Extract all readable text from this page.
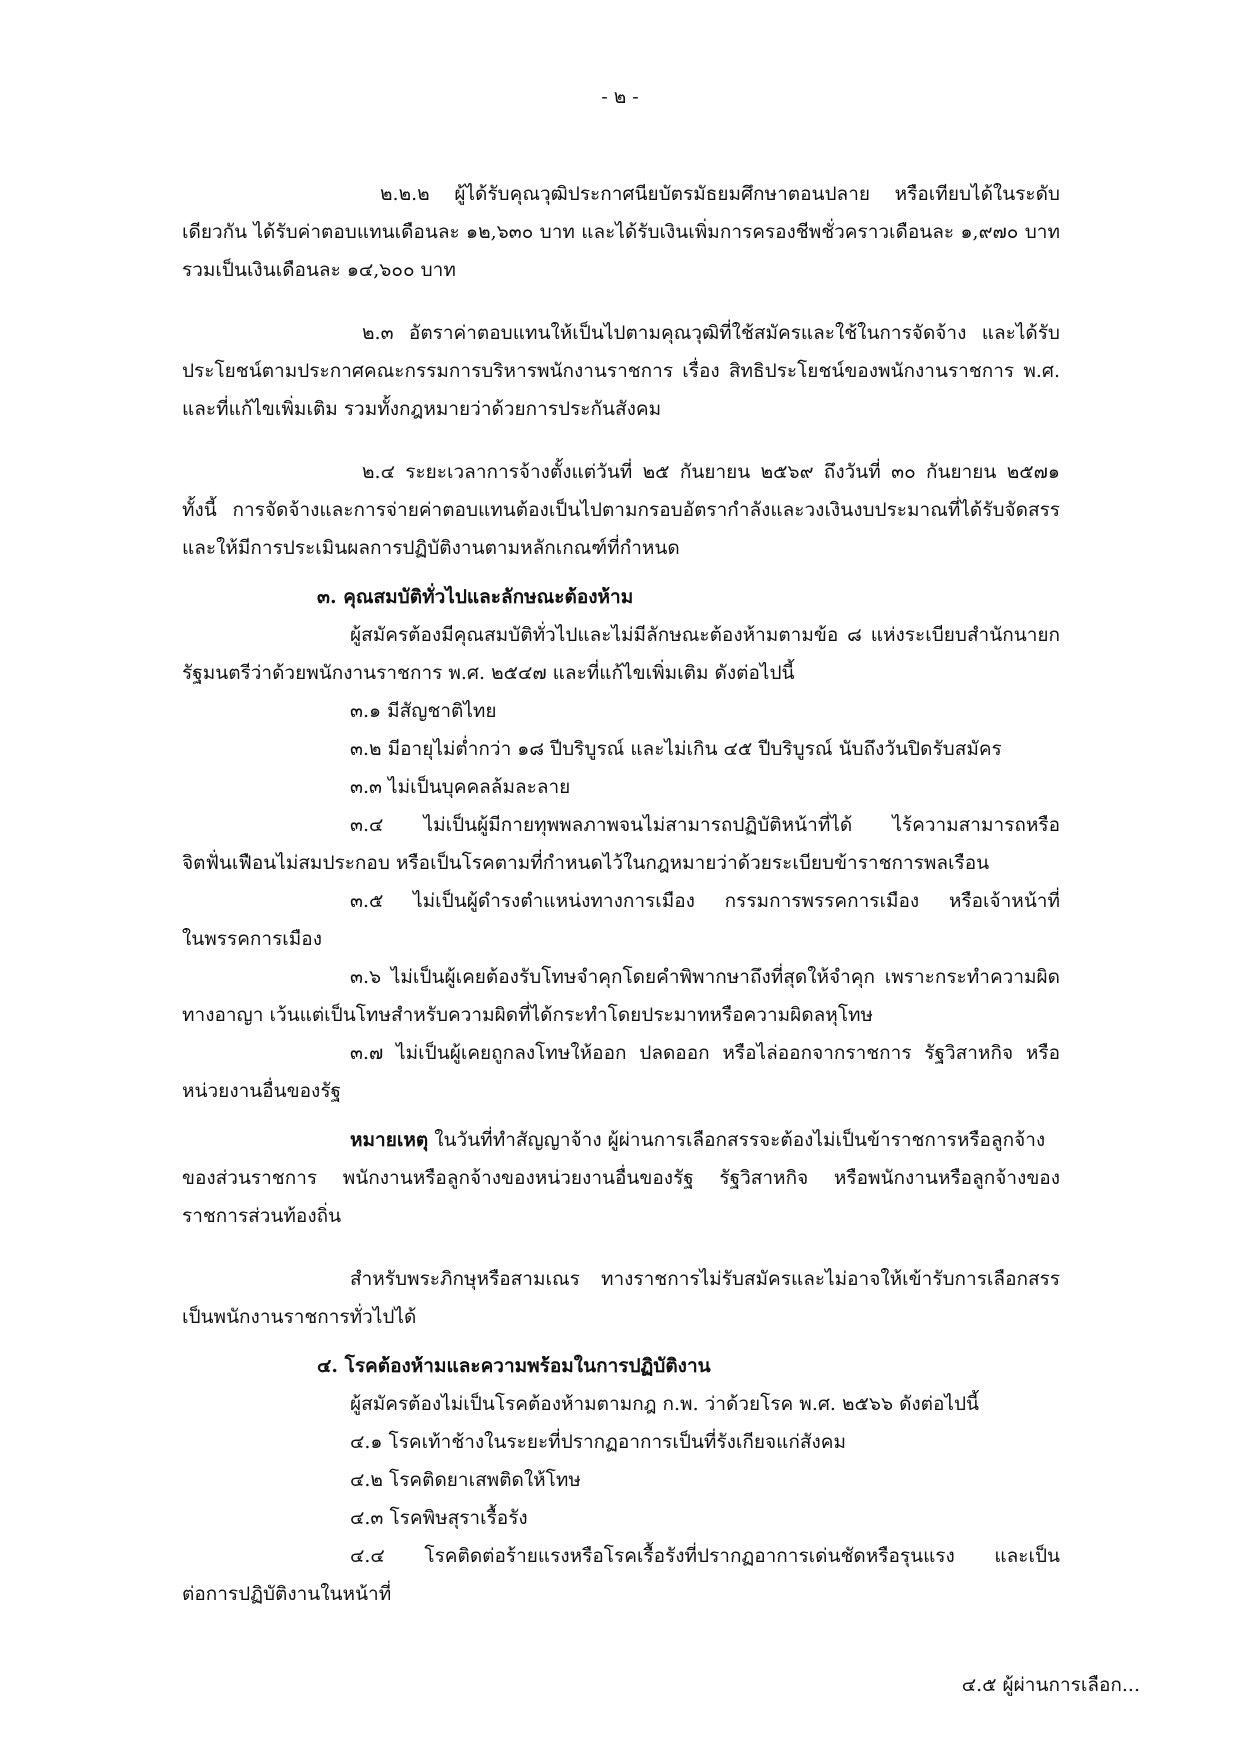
- ๒ -
๒.๒.๒ ผู้ได้รับคุณวุฒิประกาศนียบัตรมัธยมศึกษาตอนปลาย หรือเทียบได้ในระดับ
เดียวกัน ได้รับค่าตอบแทนเดือนละ ๑๒,๖๓๐ บาท และได้รับเงินเพิ่มการครองชีพชั่วคราวเดือนละ ๑,๙๗๐ บาท
รวมเป็นเงินเดือนละ ๑๔,๖๐๐ บาท
๒.๓ อัตราค่าตอบแทนให้เป็นไปตามคุณวุฒิที่ใช้สมัครและใช้ในการจัดจ้าง และได้รับ
ประโยชน์ตามประกาศคณะกรรมการบริหารพนักงานราชการ เรื่อง สิทธิประโยชน์ของพนักงานราชการ พ.ศ.
และที่แก้ไขเพิ่มเติม รวมทั้งกฎหมายว่าด้วยการประกันสังคม
๒.๔ ระยะเวลาการจ้างตั้งแต่วันที่ ๒๕ กันยายน ๒๕๖๙ ถึงวันที่ ๓๐ กันยายน ๒๕๗๑
ทั้งนี้ การจัดจ้างและการจ่ายค่าตอบแทนต้องเป็นไปตามกรอบอัตรากำลังและวงเงินงบประมาณที่ได้รับจัดสรร
และให้มีการประเมินผลการปฏิบัติงานตามหลักเกณฑ์ที่กำหนด
๓. คุณสมบัติทั่วไปและลักษณะต้องห้าม
ผู้สมัครต้องมีคุณสมบัติทั่วไปและไม่มีลักษณะต้องห้ามตามข้อ ๘ แห่งระเบียบสำนักนายก
รัฐมนตรีว่าด้วยพนักงานราชการ พ.ศ. ๒๕๔๗ และที่แก้ไขเพิ่มเติม ดังต่อไปนี้
๓.๑ มีสัญชาติไทย
๓.๒ มีอายุไม่ต่ำกว่า ๑๘ ปีบริบูรณ์ และไม่เกิน ๔๕ ปีบริบูรณ์ นับถึงวันปิดรับสมัคร
๓.๓ ไม่เป็นบุคคลล้มละลาย
๓.๔ ไม่เป็นผู้มีกายทุพพลภาพจนไม่สามารถปฏิบัติหน้าที่ได้ ไร้ความสามารถหรือ
จิตฟั่นเฟือนไม่สมประกอบ หรือเป็นโรคตามที่กำหนดไว้ในกฎหมายว่าด้วยระเบียบข้าราชการพลเรือน
๓.๕ ไม่เป็นผู้ดำรงตำแหน่งทางการเมือง กรรมการพรรคการเมือง หรือเจ้าหน้าที่
ในพรรคการเมือง
๓.๖ ไม่เป็นผู้เคยต้องรับโทษจำคุกโดยคำพิพากษาถึงที่สุดให้จำคุก เพราะกระทำความผิด
ทางอาญา เว้นแต่เป็นโทษสำหรับความผิดที่ได้กระทำโดยประมาทหรือความผิดลหุโทษ
๓.๗ ไม่เป็นผู้เคยถูกลงโทษให้ออก ปลดออก หรือไล่ออกจากราชการ รัฐวิสาหกิจ หรือ
หน่วยงานอื่นของรัฐ
หมายเหตุ ในวันที่ทำสัญญาจ้าง ผู้ผ่านการเลือกสรรจะต้องไม่เป็นข้าราชการหรือลูกจ้าง
ของส่วนราชการ พนักงานหรือลูกจ้างของหน่วยงานอื่นของรัฐ รัฐวิสาหกิจ หรือพนักงานหรือลูกจ้างของ
ราชการส่วนท้องถิ่น
สำหรับพระภิกษุหรือสามเณร ทางราชการไม่รับสมัครและไม่อาจให้เข้ารับการเลือกสรร
เป็นพนักงานราชการทั่วไปได้
๔. โรคต้องห้ามและความพร้อมในการปฏิบัติงาน
ผู้สมัครต้องไม่เป็นโรคต้องห้ามตามกฎ ก.พ. ว่าด้วยโรค พ.ศ. ๒๕๖๖ ดังต่อไปนี้
๔.๑ โรคเท้าช้างในระยะที่ปรากฏอาการเป็นที่รังเกียจแก่สังคม
๔.๒ โรคติดยาเสพติดให้โทษ
๔.๓ โรคพิษสุราเรื้อรัง
๔.๔ โรคติดต่อร้ายแรงหรือโรคเรื้อรังที่ปรากฏอาการเด่นชัดหรือรุนแรง และเป็น
ต่อการปฏิบัติงานในหน้าที่
๔.๕ ผู้ผ่านการเลือก...
